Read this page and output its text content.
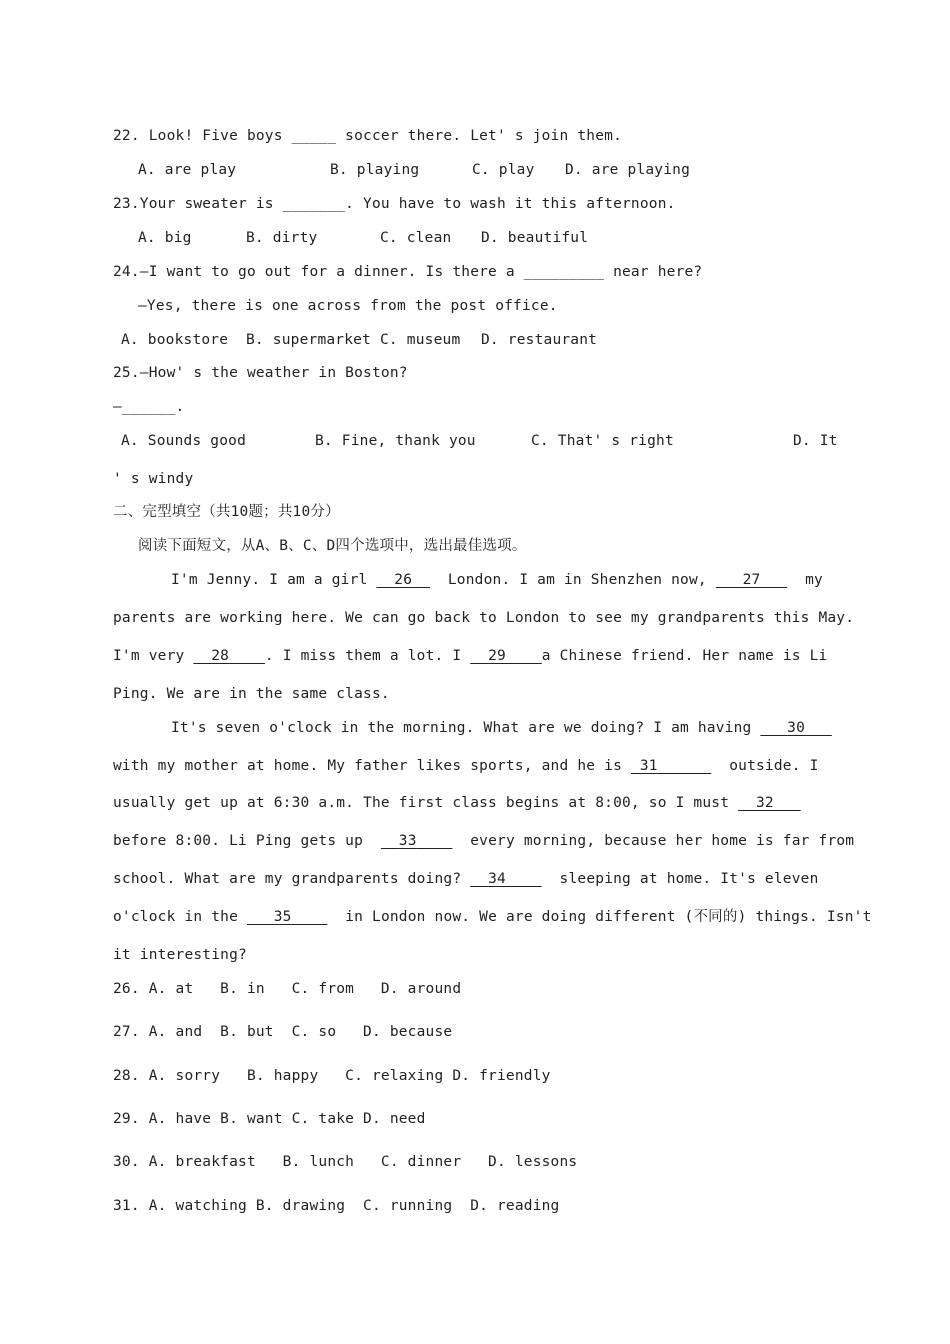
22. Look! Five boys _____ soccer there. Let' s join them.
A. are play	B. playing	C. play D. are playing
23.Your sweater is _______. You have to wash it this afternoon.
A. big	B. dirty	C. clean D. beautiful
24.—I want to go out for a dinner. Is there a _________ near here?
—Yes, there is one across from the post office.
A. bookstore B. supermarket C. museum D. restaurant
25.—How' s the weather in Boston?
—______.
A. Sounds good	B. Fine, thank you	C. That' s right	D. It
' s windy
二、完型填空（共10题；共10分）
阅读下面短文，从A、B、C、D四个选项中，选出最佳选项。
I'm Jenny. I am a girl   26    London. I am in Shenzhen now,    27     my
parents are working here. We can go back to London to see my grandparents this May.
I'm very   28 . I miss them a lot. I   29 a Chinese friend. Her name is Li
Ping. We are in the same class.
It's seven o'clock in the morning. What are we doing? I am having    30
with my mother at home. My father likes sports, and he is  31	outside. I
usually get up at 6:30 a.m. The first class begins at 8:00, so I must   32
before 8:00. Li Ping gets up    33      every morning, because her home is far from
school. What are my grandparents doing?   34      sleeping at home. It's eleven
o'clock in the    35      in London now. We are doing different (不同的) things. Isn't
it interesting?
26. A. at   B. in   C. from   D. around
27. A. and  B. but  C. so   D. because
28. A. sorry   B. happy   C. relaxing D. friendly
29. A. have B. want C. take D. need
30. A. breakfast   B. lunch   C. dinner   D. lessons
31. A. watching B. drawing  C. running  D. reading
